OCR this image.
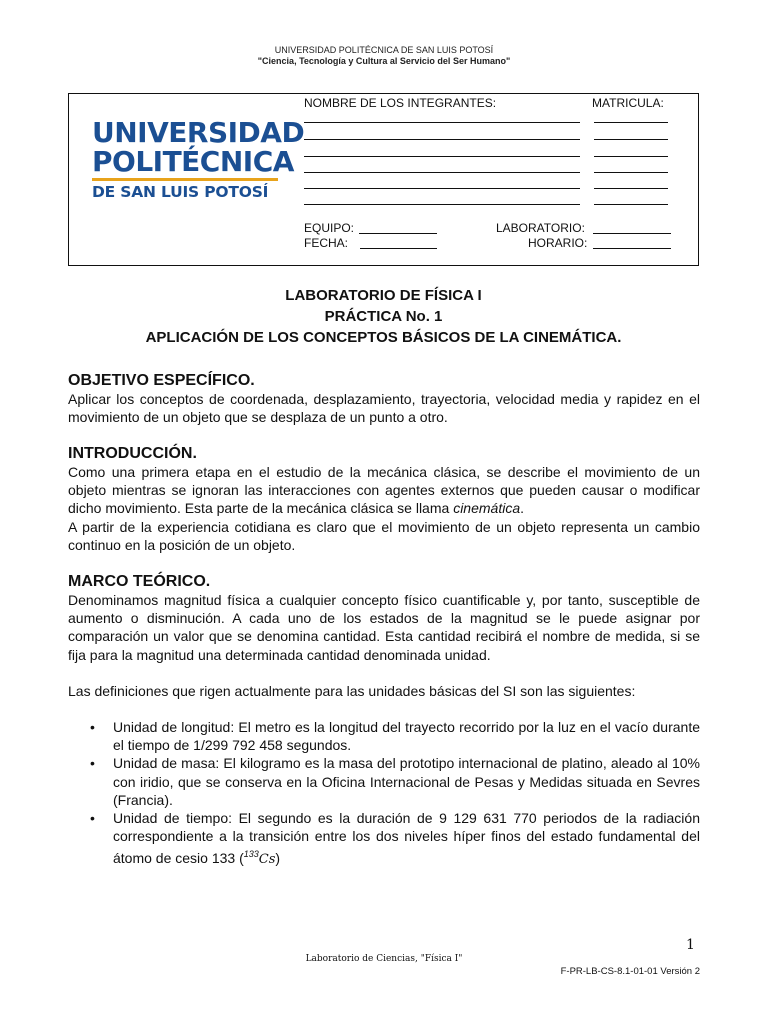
UNIVERSIDAD POLITÉCNICA DE SAN LUIS POTOSÍ
"Ciencia, Tecnología y Cultura al Servicio del Ser Humano"
UNIVERSIDAD
POLITÉCNICA
DE SAN LUIS POTOSÍ
NOMBRE DE LOS INTEGRANTES:	MATRICULA:
EQUIPO:
FECHA:
LABORATORIO:
HORARIO:
LABORATORIO DE FÍSICA I
PRÁCTICA No. 1
APLICACIÓN DE LOS CONCEPTOS BÁSICOS DE LA CINEMÁTICA.
OBJETIVO ESPECÍFICO.
Aplicar los conceptos de coordenada, desplazamiento, trayectoria, velocidad media y rapidez en el movimiento de un objeto que se desplaza de un punto a otro.
INTRODUCCIÓN.
Como una primera etapa en el estudio de la mecánica clásica, se describe el movimiento de un objeto mientras se ignoran las interacciones con agentes externos que pueden causar o modificar dicho movimiento. Esta parte de la mecánica clásica se llama cinemática.
A partir de la experiencia cotidiana es claro que el movimiento de un objeto representa un cambio continuo en la posición de un objeto.
MARCO TEÓRICO.
Denominamos magnitud física a cualquier concepto físico cuantificable y, por tanto, susceptible de aumento o disminución. A cada uno de los estados de la magnitud se le puede asignar por comparación un valor que se denomina cantidad. Esta cantidad recibirá el nombre de medida, si se fija para la magnitud una determinada cantidad denominada unidad.
Las definiciones que rigen actualmente para las unidades básicas del SI son las siguientes:
• Unidad de longitud: El metro es la longitud del trayecto recorrido por la luz en el vacío durante el tiempo de 1/299 792 458 segundos.
• Unidad de masa: El kilogramo es la masa del prototipo internacional de platino, aleado al 10% con iridio, que se conserva en la Oficina Internacional de Pesas y Medidas situada en Sevres (Francia).
• Unidad de tiempo: El segundo es la duración de 9 129 631 770 periodos de la radiación correspondiente a la transición entre los dos niveles híper finos del estado fundamental del átomo de cesio 133 ($^{133}$Cs)
1
Laboratorio de Ciencias, "Física I"
F-PR-LB-CS-8.1-01-01 Versión 2
